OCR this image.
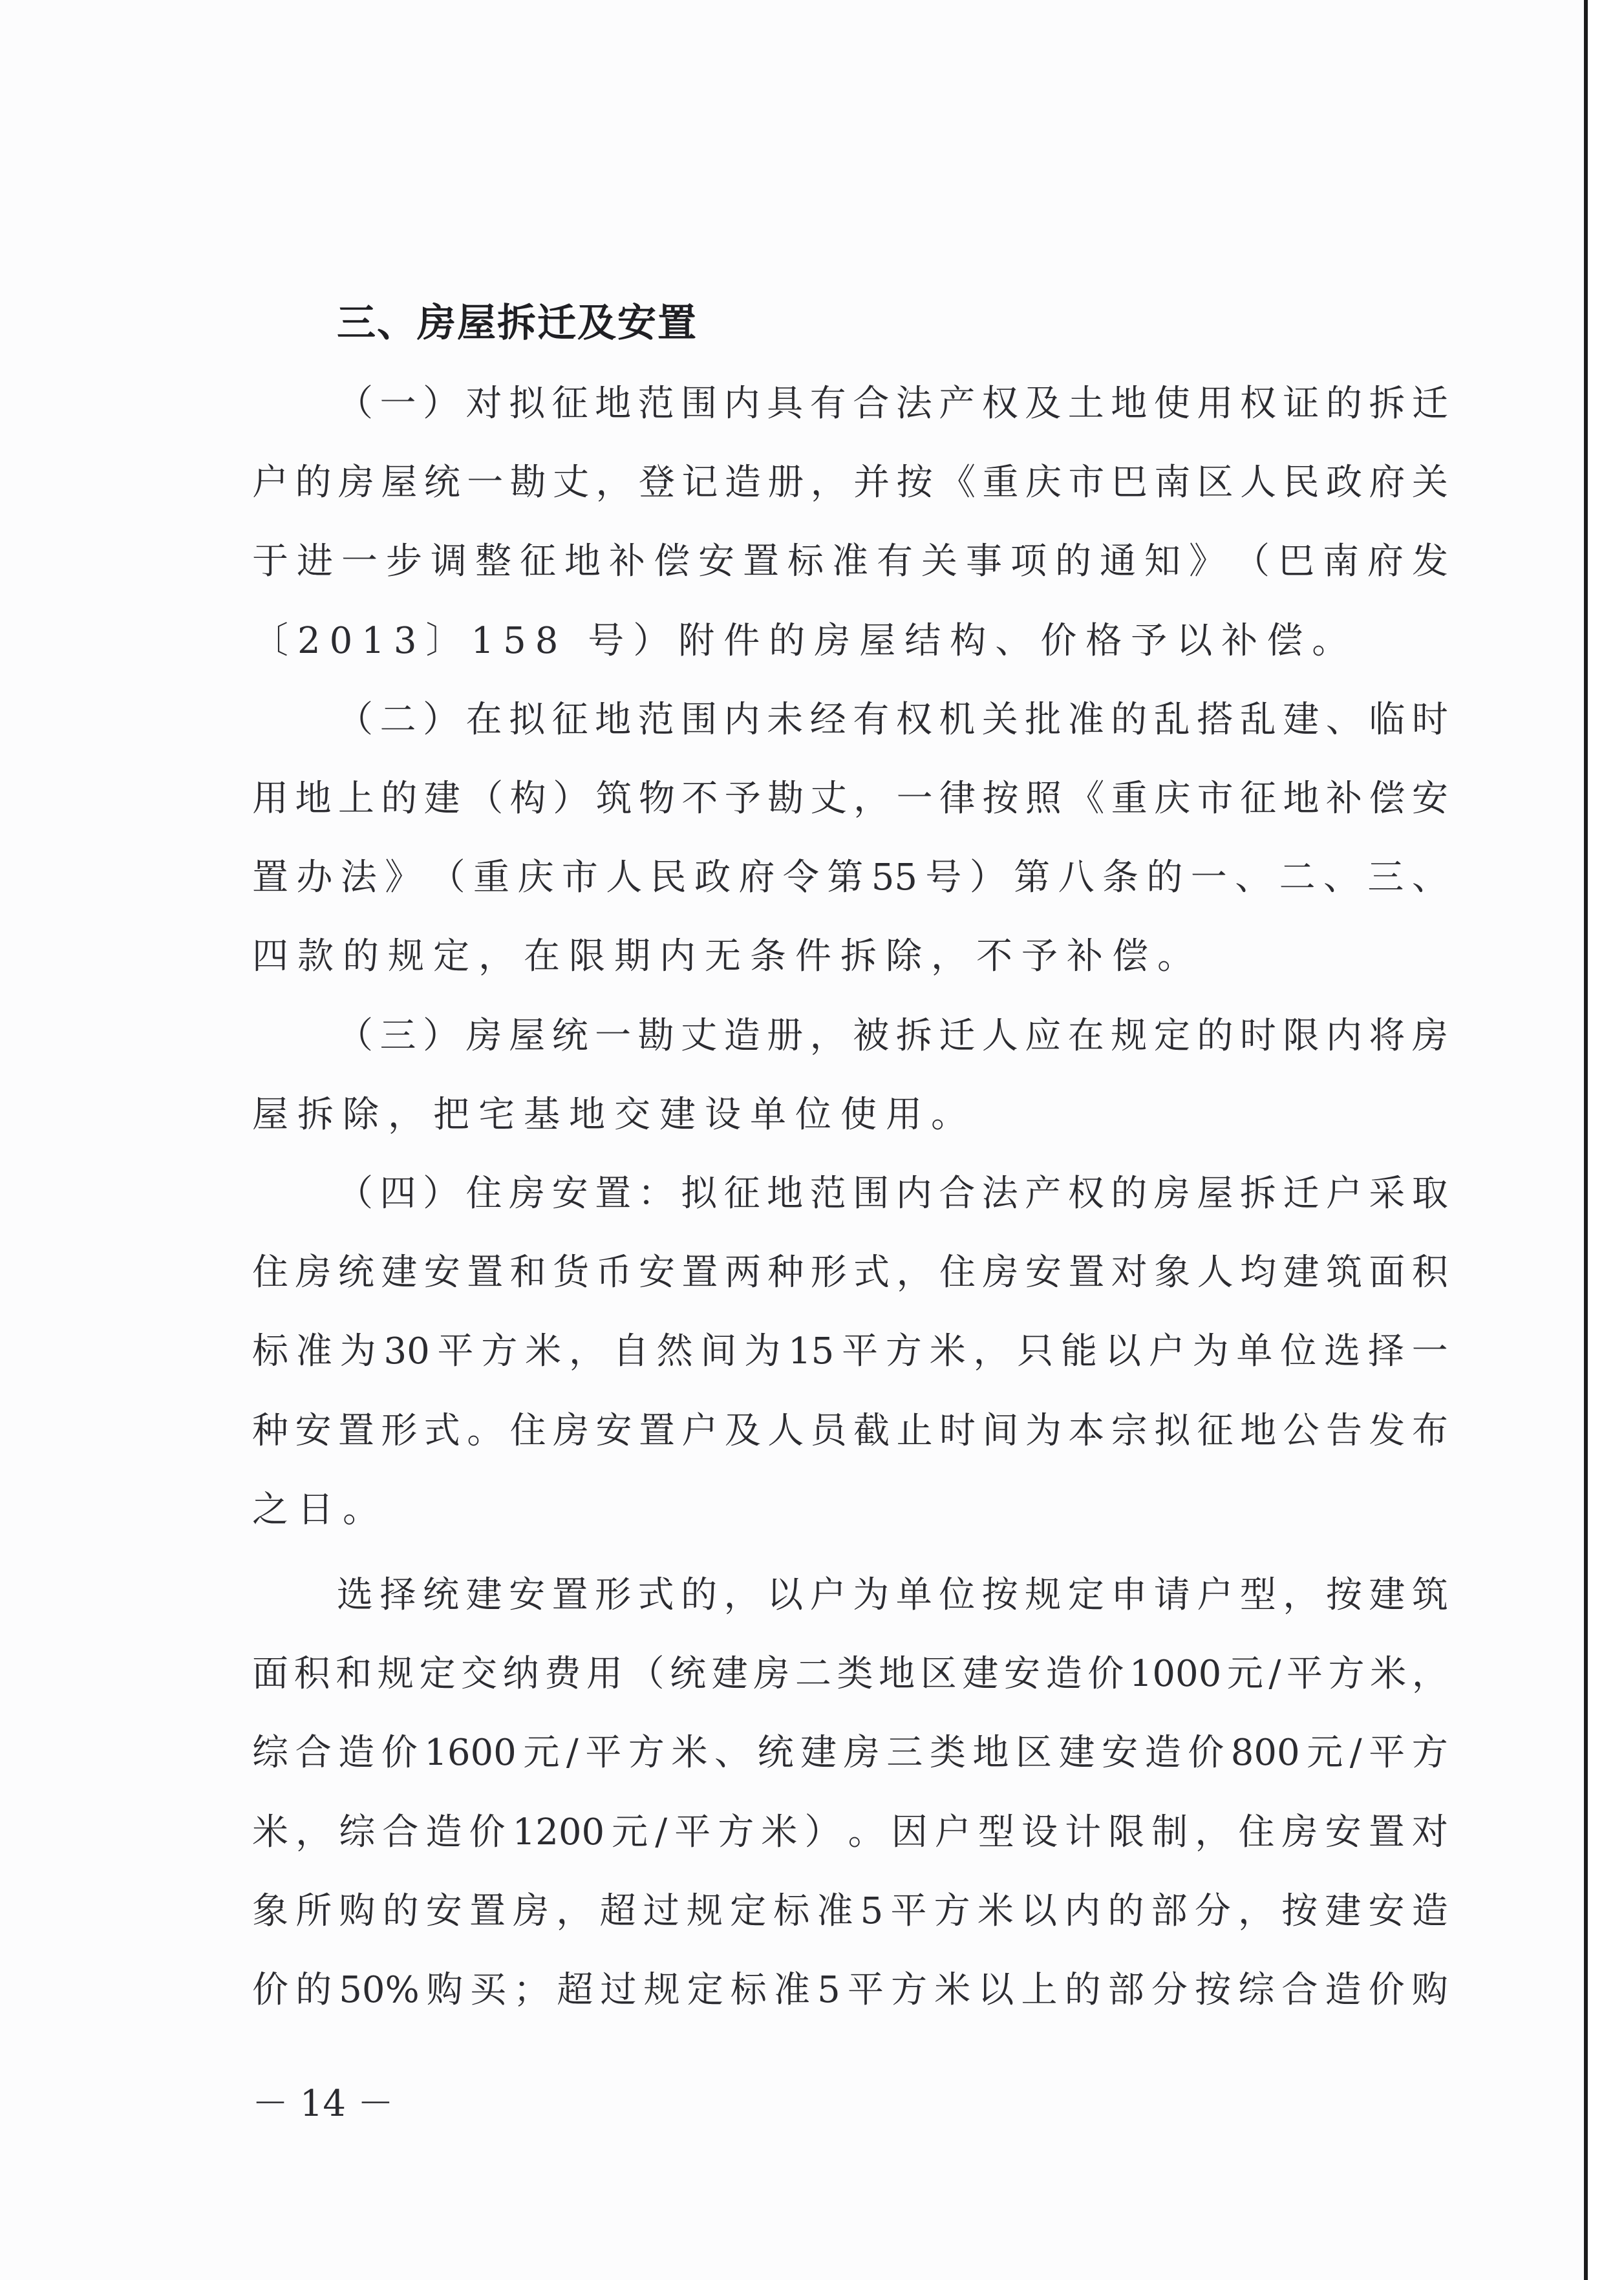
三、房屋拆迁及安置
（ 一 ） 对 拟 征 地 范 围 内 具 有 合 法 产 权 及 土 地 使 用 权 证 的 拆 迁
户 的 房 屋 统 一 勘 丈 ， 登 记 造 册 ， 并 按 《 重 庆 市 巴 南 区 人 民 政 府 关
于 进 一 步 调 整 征 地 补 偿 安 置 标 准 有 关 事 项 的 通 知 》 （ 巴 南 府 发
〔2013〕158 号）附件的房屋结构、价格予以补偿。
（ 二 ） 在 拟 征 地 范 围 内 未 经 有 权 机 关 批 准 的 乱 搭 乱 建 、 临 时
用 地 上 的 建 （ 构 ） 筑 物 不 予 勘 丈 ， 一 律 按 照 《 重 庆 市 征 地 补 偿 安
置 办 法 》 （ 重 庆 市 人 民 政 府 令 第 55 号 ） 第 八 条 的 一 、 二 、 三 、
四款的规定，在限期内无条件拆除，不予补偿。
（ 三 ） 房 屋 统 一 勘 丈 造 册 ， 被 拆 迁 人 应 在 规 定 的 时 限 内 将 房
屋拆除，把宅基地交建设单位使用。
（ 四 ） 住 房 安 置 ： 拟 征 地 范 围 内 合 法 产 权 的 房 屋 拆 迁 户 采 取
住 房 统 建 安 置 和 货 币 安 置 两 种 形 式 ， 住 房 安 置 对 象 人 均 建 筑 面 积
标 准 为 30 平 方 米 ， 自 然 间 为 15 平 方 米 ， 只 能 以 户 为 单 位 选 择 一
种 安 置 形 式 。 住 房 安 置 户 及 人 员 截 止 时 间 为 本 宗 拟 征 地 公 告 发 布
之日。
选 择 统 建 安 置 形 式 的 ， 以 户 为 单 位 按 规 定 申 请 户 型 ， 按 建 筑
面 积 和 规 定 交 纳 费 用 （ 统 建 房 二 类 地 区 建 安 造 价 1000 元 / 平 方 米 ，
综 合 造 价 1600 元 / 平 方 米 、 统 建 房 三 类 地 区 建 安 造 价 800 元 / 平 方
米 ， 综 合 造 价 1200 元 / 平 方 米 ） 。 因 户 型 设 计 限 制 ， 住 房 安 置 对
象 所 购 的 安 置 房 ， 超 过 规 定 标 准 5 平 方 米 以 内 的 部 分 ， 按 建 安 造
价 的 50% 购 买 ； 超 过 规 定 标 准 5 平 方 米 以 上 的 部 分 按 综 合 造 价 购
－ 14 －
